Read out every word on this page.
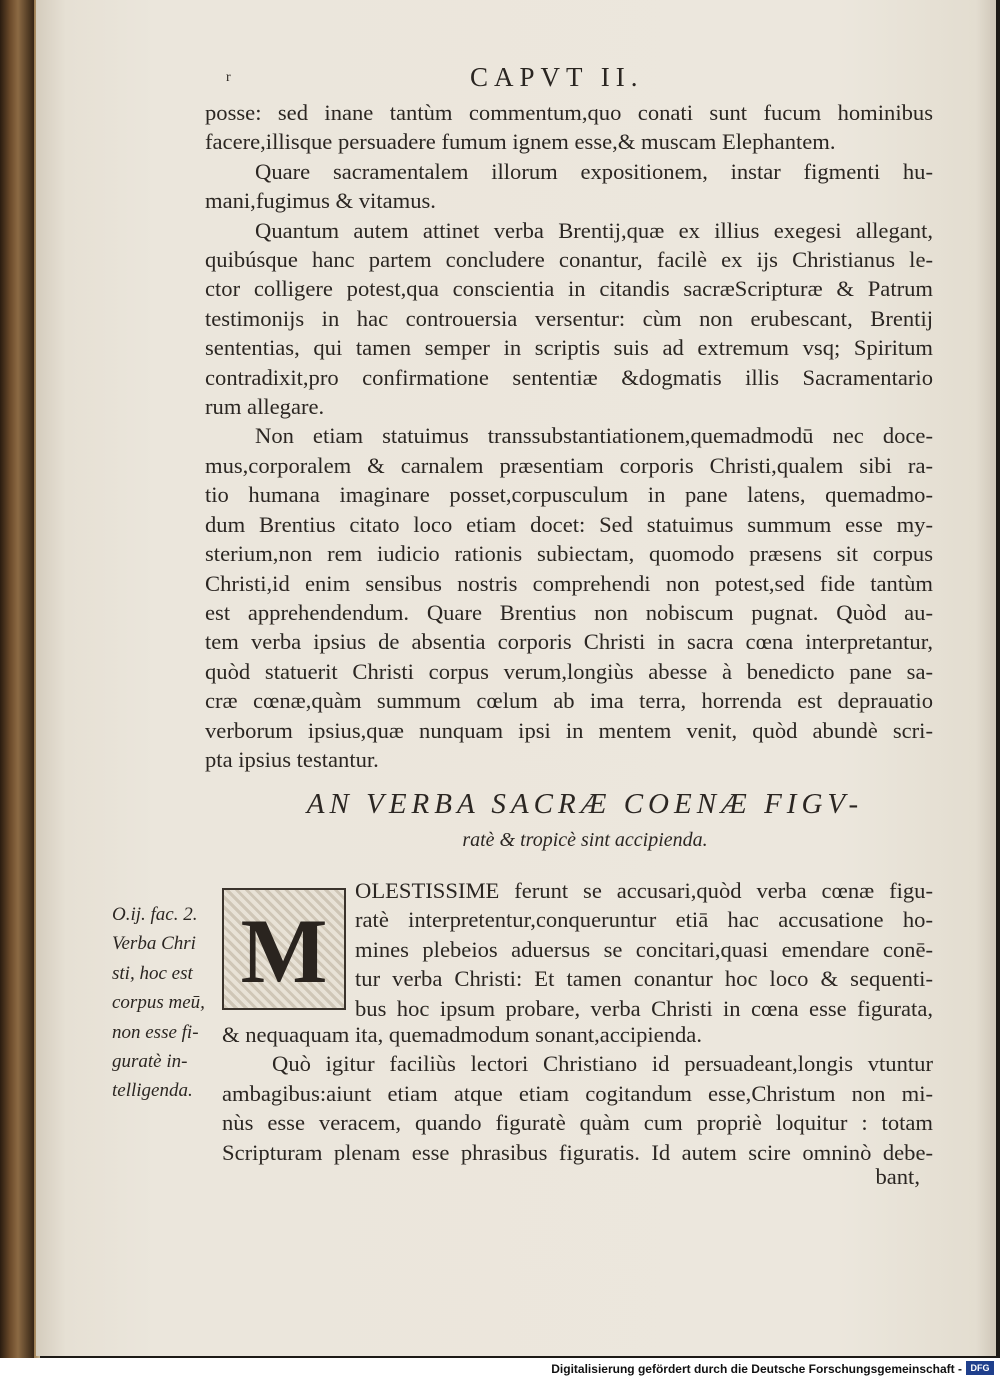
r	CAPVT II.
posse: sed inane tantùm commentum,quo conati sunt fucum hominibus
facere,illisque persuadere fumum ignem esse,& muscam Elephantem.
Quare sacramentalem illorum expositionem, instar figmenti hu-
mani,fugimus & vitamus.
Quantum autem attinet verba Brentij,quæ ex illius exegesi allegant,
quibúsque hanc partem concludere conantur, facilè ex ijs Christianus le-
ctor colligere potest,qua conscientia in citandis sacræScripturæ & Patrum
testimonijs in hac controuersia versentur: cùm non erubescant, Brentij
sententias, qui tamen semper in scriptis suis ad extremum vsq; Spiritum
contradixit,pro confirmatione sententiæ &dogmatis illis Sacramentario
rum allegare.
Non etiam statuimus transsubstantiationem,quemadmodū nec doce-
mus,corporalem & carnalem præsentiam corporis Christi,qualem sibi ra-
tio humana imaginare posset,corpusculum in pane latens, quemadmo-
dum Brentius citato loco etiam docet: Sed statuimus summum esse my-
sterium,non rem iudicio rationis subiectam, quomodo præsens sit corpus
Christi,id enim sensibus nostris comprehendi non potest,sed fide tantùm
est apprehendendum. Quare Brentius non nobiscum pugnat. Quòd au-
tem verba ipsius de absentia corporis Christi in sacra cœna interpretantur,
quòd statuerit Christi corpus verum,longiùs abesse à benedicto pane sa-
cræ cœnæ,quàm summum cœlum ab ima terra, horrenda est deprauatio
verborum ipsius,quæ nunquam ipsi in mentem venit, quòd abundè scri-
pta ipsius testantur.
AN VERBA SACRÆ COENÆ FIGV-
ratè & tropicè sint accipienda.
O.ij. fac. 2.
Verba Chri
sti, hoc est
corpus meū,
non esse fi-
guratè in-
telligenda.
M
OLESTISSIME ferunt se accusari,quòd verba cœnæ figu-
ratè interpretentur,conqueruntur etiā hac accusatione ho-
mines plebeios aduersus se concitari,quasi emendare conē-
tur verba Christi: Et tamen conantur hoc loco & sequenti-
bus hoc ipsum probare, verba Christi in cœna esse figurata,
& nequaquam ita, quemadmodum sonant,accipienda.
Quò igitur faciliùs lectori Christiano id persuadeant,longis vtuntur
ambagibus:aiunt etiam atque etiam cogitandum esse,Christum non mi-
nùs esse veracem, quando figuratè quàm cum propriè loquitur : totam
Scripturam plenam esse phrasibus figuratis. Id autem scire omninò debe-
bant,
Digitalisierung gefördert durch die Deutsche Forschungsgemeinschaft - DFG
